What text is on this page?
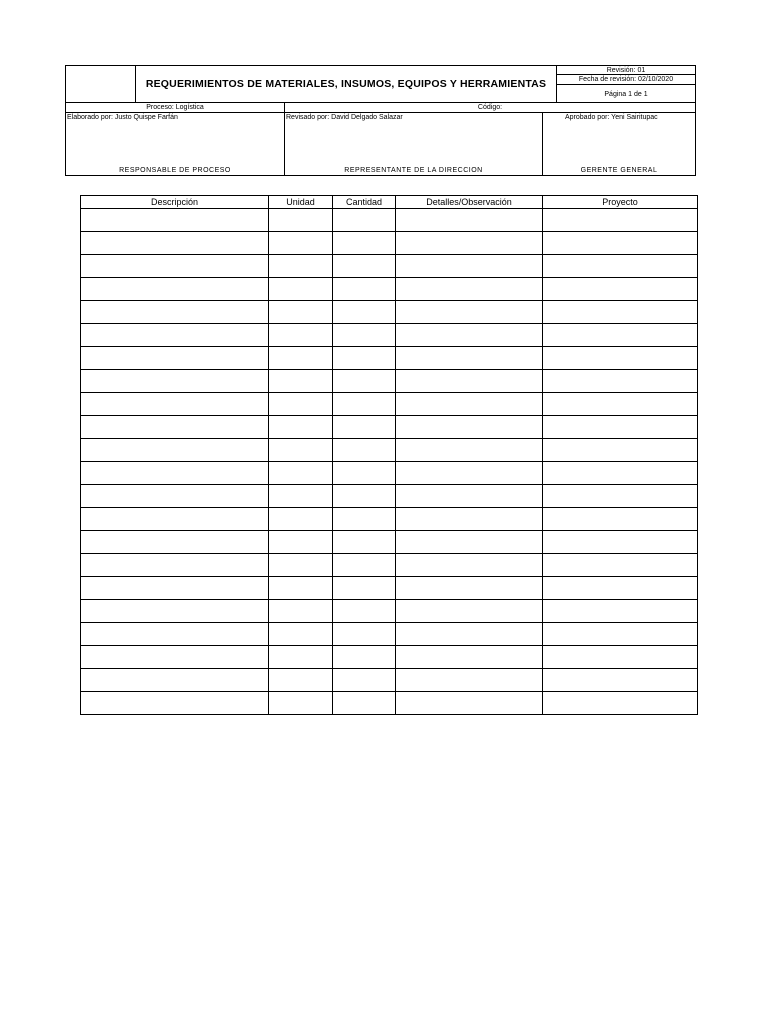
REQUERIMIENTOS DE MATERIALES, INSUMOS, EQUIPOS Y HERRAMIENTAS
Revisión: 01
Fecha de revisión: 02/10/2020
Página 1 de 1
Proceso: Logística	Código:
Elaborado por: Justo Quispe Farfán
RESPONSABLE DE PROCESO
Revisado por: David Delgado Salazar
REPRESENTANTE DE LA DIRECCION
Aprobado por: Yeni Sairitupac
GERENTE GENERAL
Descripción	Unidad	Cantidad	Detalles/Observación	Proyecto
